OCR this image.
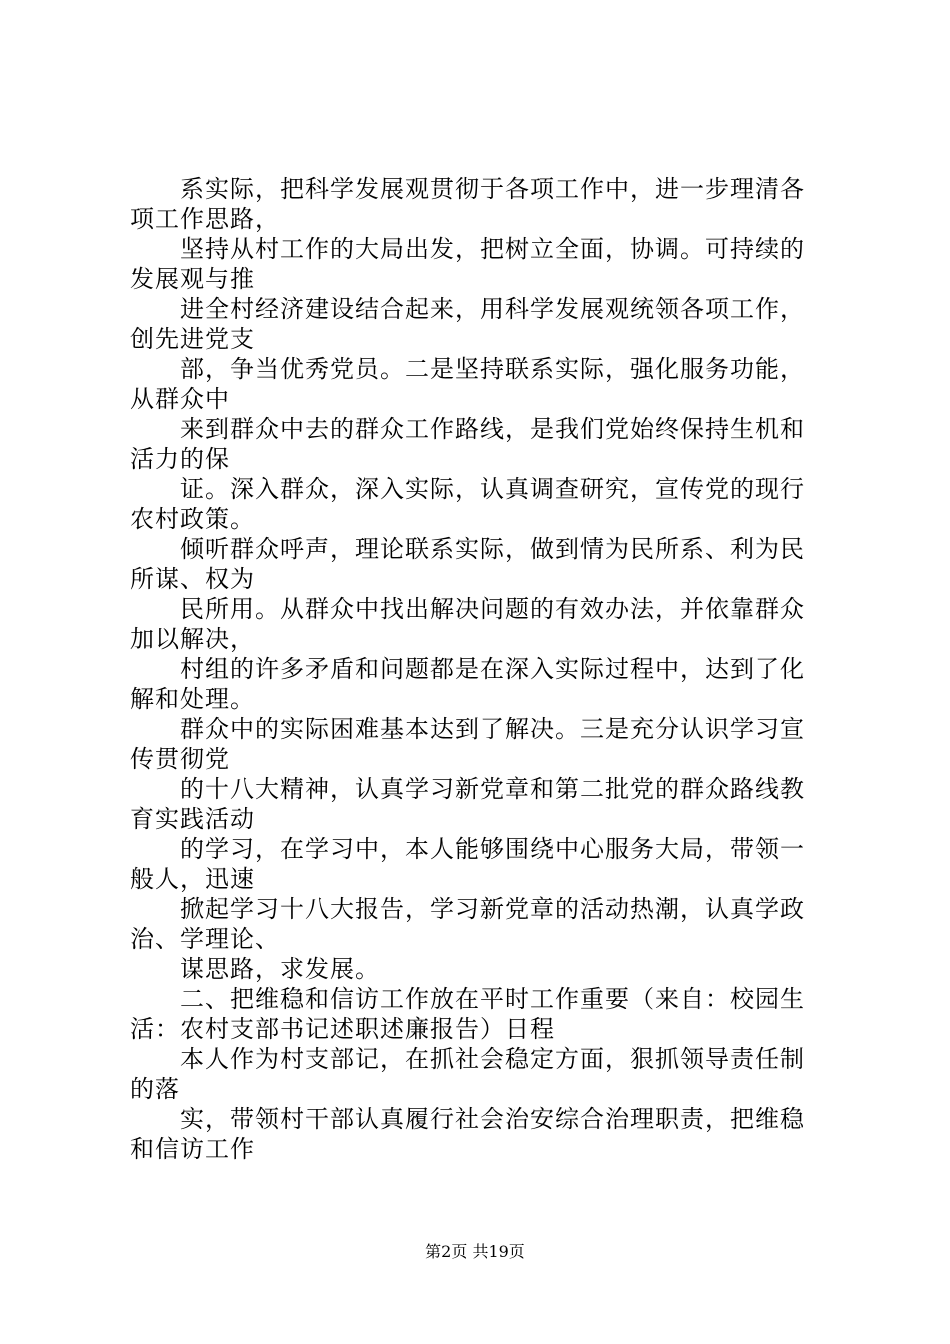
系实际，把科学发展观贯彻于各项工作中，进一步理清各
项工作思路，
坚持从村工作的大局出发，把树立全面，协调。可持续的
发展观与推
进全村经济建设结合起来，用科学发展观统领各项工作，
创先进党支
部，争当优秀党员。二是坚持联系实际，强化服务功能，
从群众中
来到群众中去的群众工作路线，是我们党始终保持生机和
活力的保
证。深入群众，深入实际，认真调查研究，宣传党的现行
农村政策。
倾听群众呼声，理论联系实际，做到情为民所系、利为民
所谋、权为
民所用。从群众中找出解决问题的有效办法，并依靠群众
加以解决，
村组的许多矛盾和问题都是在深入实际过程中，达到了化
解和处理。
群众中的实际困难基本达到了解决。三是充分认识学习宣
传贯彻党
的十八大精神，认真学习新党章和第二批党的群众路线教
育实践活动
的学习，在学习中，本人能够围绕中心服务大局，带领一
般人，迅速
掀起学习十八大报告，学习新党章的活动热潮，认真学政
治、学理论、
谋思路，求发展。
二、把维稳和信访工作放在平时工作重要（来自：校园生
活：农村支部书记述职述廉报告）日程
本人作为村支部记，在抓社会稳定方面，狠抓领导责任制
的落
实，带领村干部认真履行社会治安综合治理职责，把维稳
和信访工作
第2页 共19页
